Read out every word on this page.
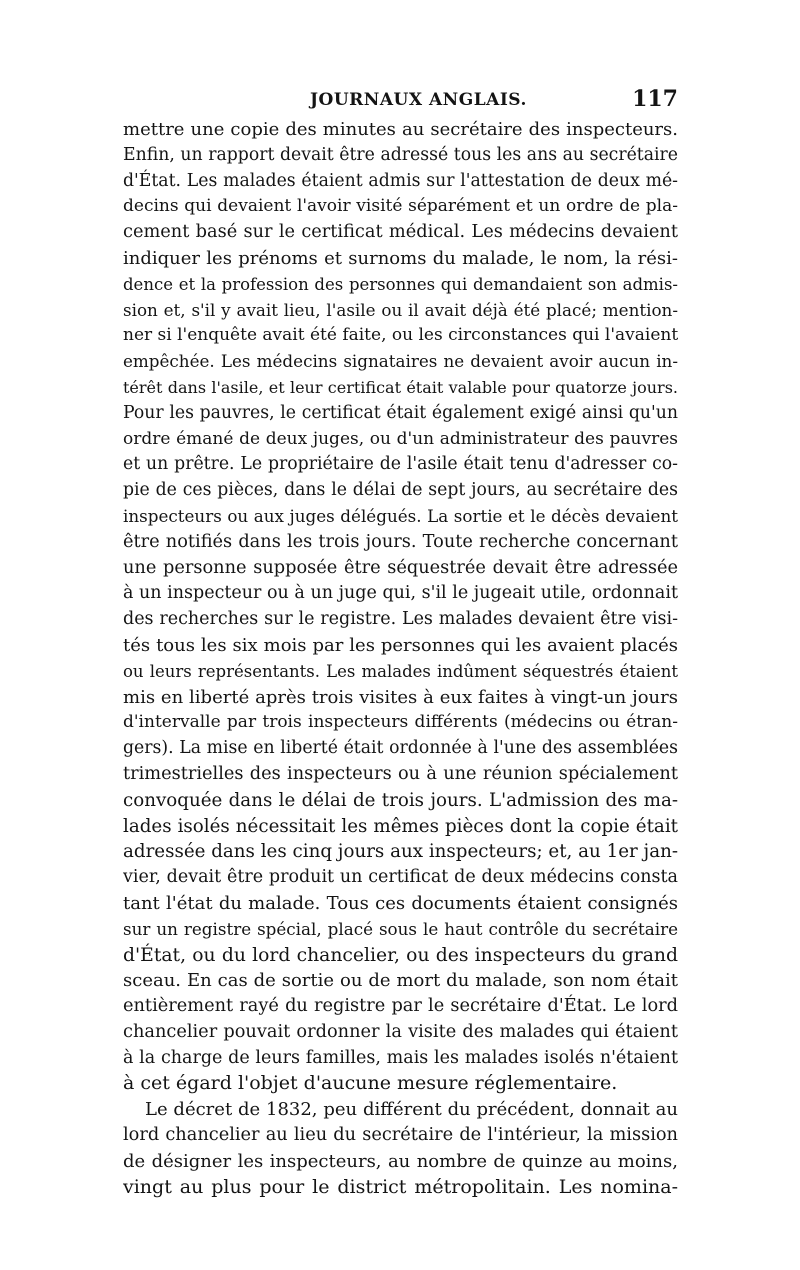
JOURNAUX ANGLAIS.	117
mettre une copie des minutes au secrétaire des inspecteurs.
Enfin, un rapport devait être adressé tous les ans au secrétaire
d'État. Les malades étaient admis sur l'attestation de deux mé-
decins qui devaient l'avoir visité séparément et un ordre de pla-
cement basé sur le certificat médical. Les médecins devaient
indiquer les prénoms et surnoms du malade, le nom, la rési-
dence et la profession des personnes qui demandaient son admis-
sion et, s'il y avait lieu, l'asile ou il avait déjà été placé; mention-
ner si l'enquête avait été faite, ou les circonstances qui l'avaient
empêchée. Les médecins signataires ne devaient avoir aucun in-
térêt dans l'asile, et leur certificat était valable pour quatorze jours.
Pour les pauvres, le certificat était également exigé ainsi qu'un
ordre émané de deux juges, ou d'un administrateur des pauvres
et un prêtre. Le propriétaire de l'asile était tenu d'adresser co-
pie de ces pièces, dans le délai de sept jours, au secrétaire des
inspecteurs ou aux juges délégués. La sortie et le décès devaient
être notifiés dans les trois jours. Toute recherche concernant
une personne supposée être séquestrée devait être adressée
à un inspecteur ou à un juge qui, s'il le jugeait utile, ordonnait
des recherches sur le registre. Les malades devaient être visi-
tés tous les six mois par les personnes qui les avaient placés
ou leurs représentants. Les malades indûment séquestrés étaient
mis en liberté après trois visites à eux faites à vingt-un jours
d'intervalle par trois inspecteurs différents (médecins ou étran-
gers). La mise en liberté était ordonnée à l'une des assemblées
trimestrielles des inspecteurs ou à une réunion spécialement
convoquée dans le délai de trois jours. L'admission des ma-
lades isolés nécessitait les mêmes pièces dont la copie était
adressée dans les cinq jours aux inspecteurs; et, au 1er jan-
vier, devait être produit un certificat de deux médecins consta
tant l'état du malade. Tous ces documents étaient consignés
sur un registre spécial, placé sous le haut contrôle du secrétaire
d'État, ou du lord chancelier, ou des inspecteurs du grand
sceau. En cas de sortie ou de mort du malade, son nom était
entièrement rayé du registre par le secrétaire d'État. Le lord
chancelier pouvait ordonner la visite des malades qui étaient
à la charge de leurs familles, mais les malades isolés n'étaient
à cet égard l'objet d'aucune mesure réglementaire.
Le décret de 1832, peu différent du précédent, donnait au
lord chancelier au lieu du secrétaire de l'intérieur, la mission
de désigner les inspecteurs, au nombre de quinze au moins,
vingt au plus pour le district métropolitain. Les nomina-
